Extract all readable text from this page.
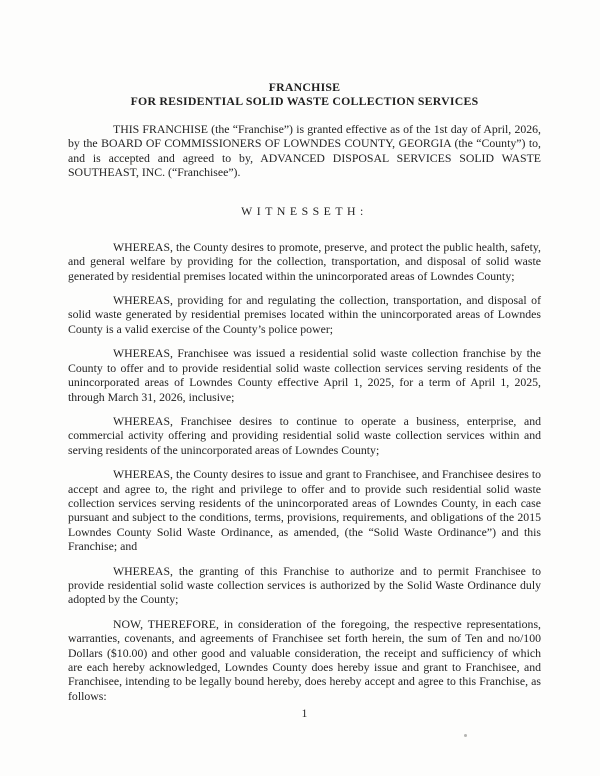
FRANCHISE
FOR RESIDENTIAL SOLID WASTE COLLECTION SERVICES

THIS FRANCHISE (the “Franchise”) is granted effective as of the 1st day of April, 2026, by the BOARD OF COMMISSIONERS OF LOWNDES COUNTY, GEORGIA (the “County”) to, and is accepted and agreed to by, ADVANCED DISPOSAL SERVICES SOLID WASTE SOUTHEAST, INC. (“Franchisee”).

WITNESSETH:

WHEREAS, the County desires to promote, preserve, and protect the public health, safety, and general welfare by providing for the collection, transportation, and disposal of solid waste generated by residential premises located within the unincorporated areas of Lowndes County;

WHEREAS, providing for and regulating the collection, transportation, and disposal of solid waste generated by residential premises located within the unincorporated areas of Lowndes County is a valid exercise of the County’s police power;

WHEREAS, Franchisee was issued a residential solid waste collection franchise by the County to offer and to provide residential solid waste collection services serving residents of the unincorporated areas of Lowndes County effective April 1, 2025, for a term of April 1, 2025, through March 31, 2026, inclusive;

WHEREAS, Franchisee desires to continue to operate a business, enterprise, and commercial activity offering and providing residential solid waste collection services within and serving residents of the unincorporated areas of Lowndes County;

WHEREAS, the County desires to issue and grant to Franchisee, and Franchisee desires to accept and agree to, the right and privilege to offer and to provide such residential solid waste collection services serving residents of the unincorporated areas of Lowndes County, in each case pursuant and subject to the conditions, terms, provisions, requirements, and obligations of the 2015 Lowndes County Solid Waste Ordinance, as amended, (the “Solid Waste Ordinance”) and this Franchise; and

WHEREAS, the granting of this Franchise to authorize and to permit Franchisee to provide residential solid waste collection services is authorized by the Solid Waste Ordinance duly adopted by the County;

NOW, THEREFORE, in consideration of the foregoing, the respective representations, warranties, covenants, and agreements of Franchisee set forth herein, the sum of Ten and no/100 Dollars ($10.00) and other good and valuable consideration, the receipt and sufficiency of which are each hereby acknowledged, Lowndes County does hereby issue and grant to Franchisee, and Franchisee, intending to be legally bound hereby, does hereby accept and agree to this Franchise, as follows:

1
